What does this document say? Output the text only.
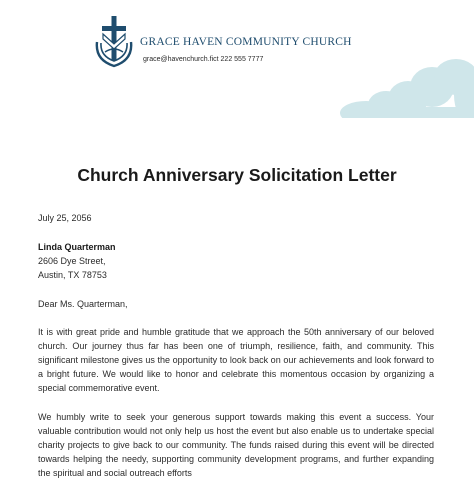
GRACE HAVEN COMMUNITY CHURCH
grace@havenchurch.fict 222 555 7777
Church Anniversary Solicitation Letter
July 25, 2056
Linda Quarterman
2606 Dye Street,
Austin, TX 78753
Dear Ms. Quarterman,

It is with great pride and humble gratitude that we approach the 50th anniversary of our beloved church. Our journey thus far has been one of triumph, resilience, faith, and community. This significant milestone gives us the opportunity to look back on our achievements and look forward to a bright future. We would like to honor and celebrate this momentous occasion by organizing a special commemorative event.

We humbly write to seek your generous support towards making this event a success. Your valuable contribution would not only help us host the event but also enable us to undertake special charity projects to give back to our community. The funds raised during this event will be directed towards helping the needy, supporting community development programs, and further expanding the spiritual and social outreach efforts
